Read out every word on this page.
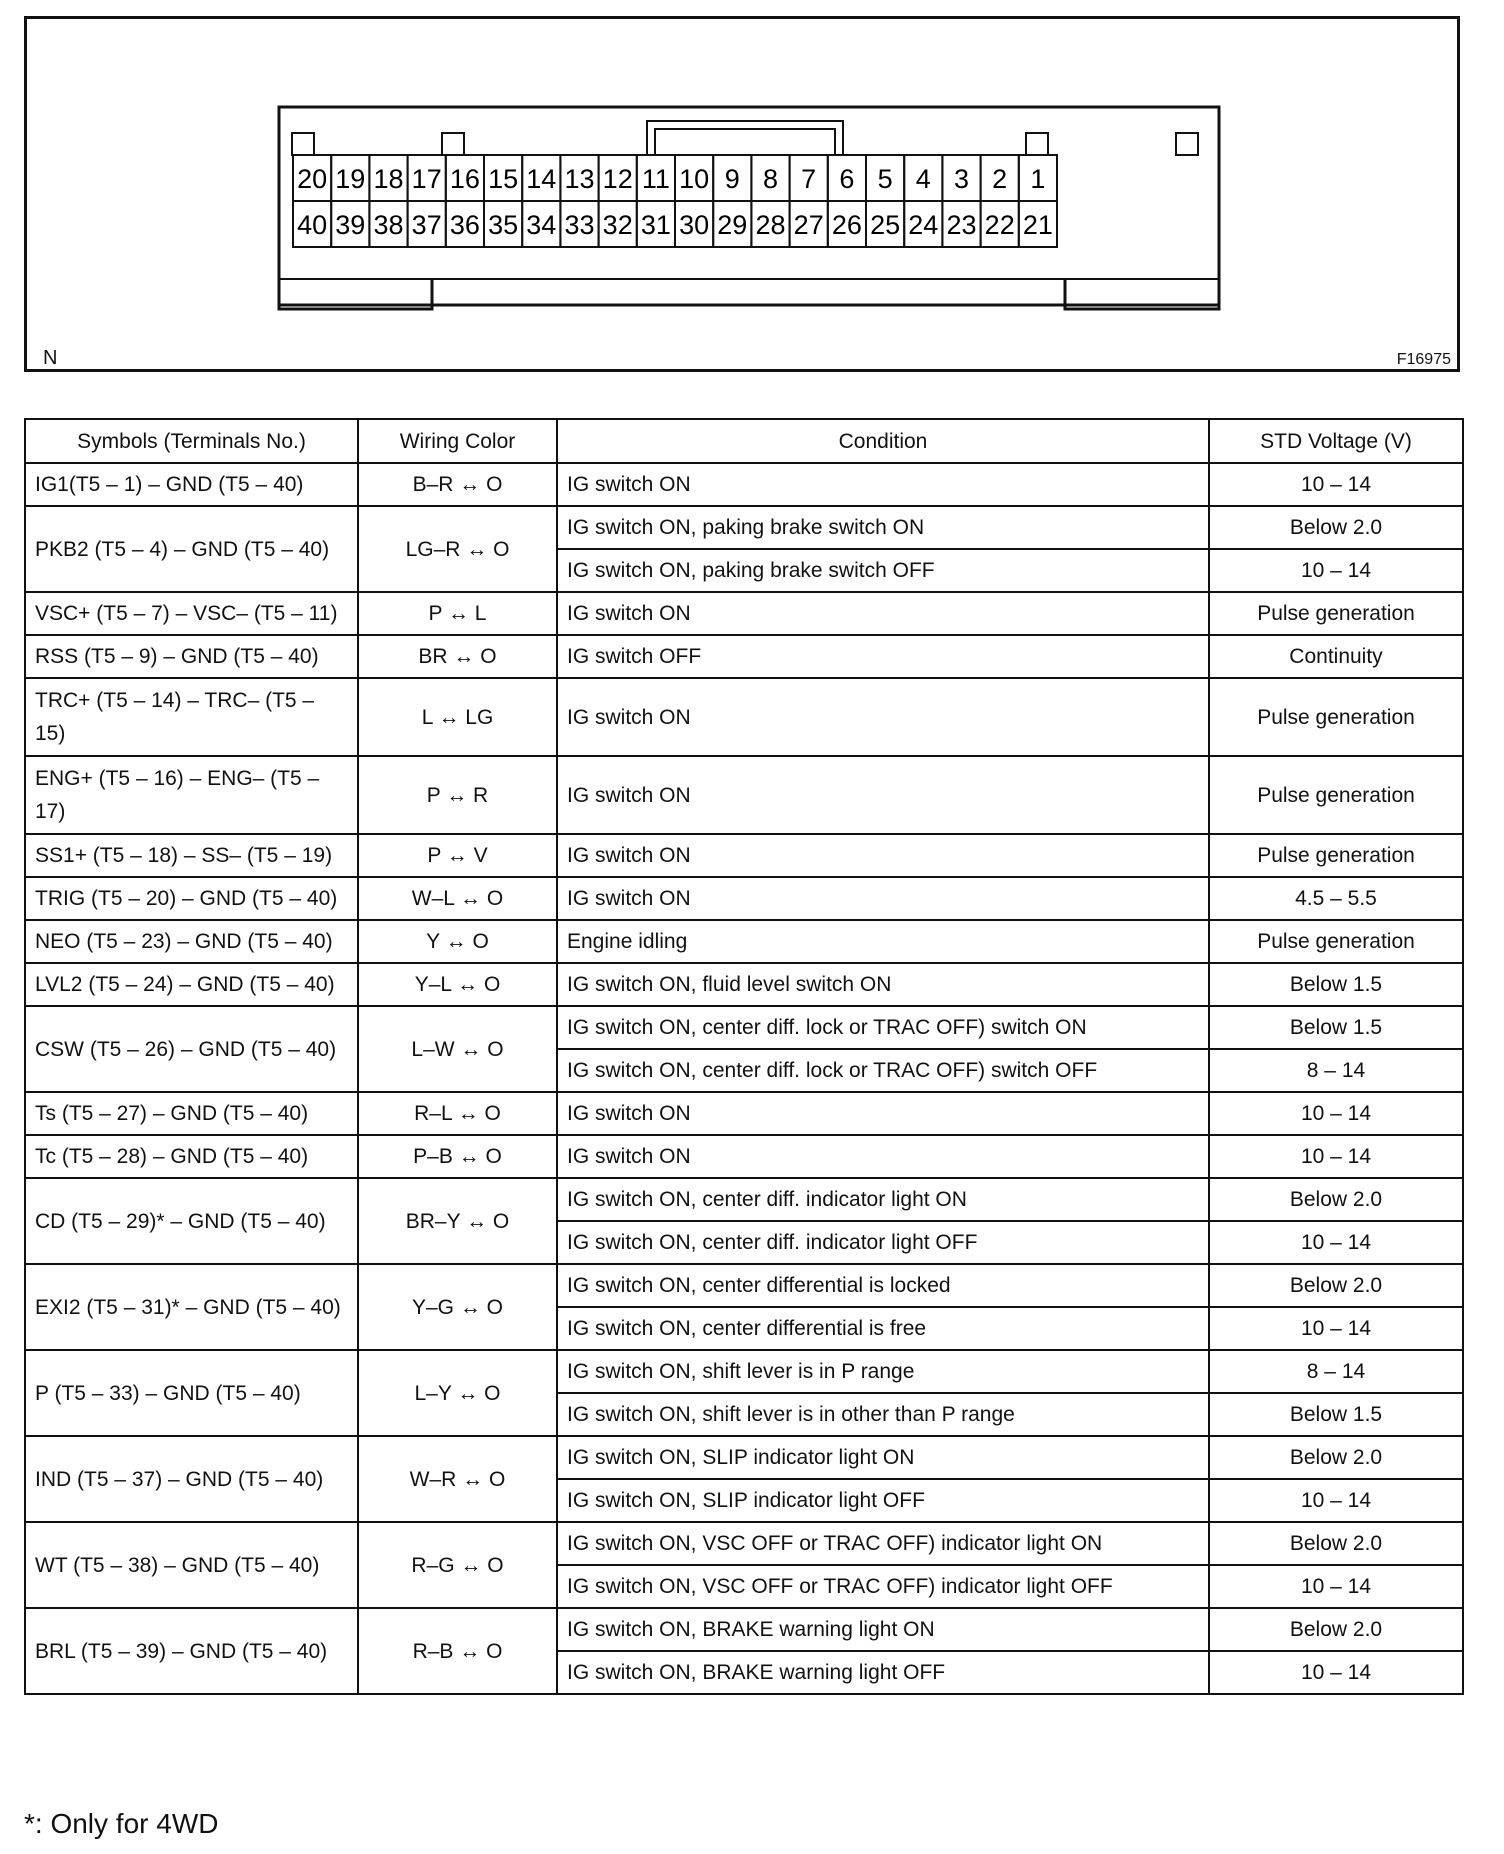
20 19 18 17 16 15 14 13 12 11 10 9 8 7 6 5 4 3 2 1
40 39 38 37 36 35 34 33 32 31 30 29 28 27 26 25 24 23 22 21
N	F16975
Symbols (Terminals No.)	Wiring Color	Condition	STD Voltage (V)
IG1(T5 – 1) – GND (T5 – 40)	B–R ↔ O	IG switch ON	10 – 14
PKB2 (T5 – 4) – GND (T5 – 40)	LG–R ↔ O	IG switch ON, paking brake switch ON	Below 2.0
		IG switch ON, paking brake switch OFF	10 – 14
VSC+ (T5 – 7) – VSC– (T5 – 11)	P ↔ L	IG switch ON	Pulse generation
RSS (T5 – 9) – GND (T5 – 40)	BR ↔ O	IG switch OFF	Continuity
TRC+ (T5 – 14) – TRC– (T5 – 15)	L ↔ LG	IG switch ON	Pulse generation
ENG+ (T5 – 16) – ENG– (T5 – 17)	P ↔ R	IG switch ON	Pulse generation
SS1+ (T5 – 18) – SS– (T5 – 19)	P ↔ V	IG switch ON	Pulse generation
TRIG (T5 – 20) – GND (T5 – 40)	W–L ↔ O	IG switch ON	4.5 – 5.5
NEO (T5 – 23) – GND (T5 – 40)	Y ↔ O	Engine idling	Pulse generation
LVL2 (T5 – 24) – GND (T5 – 40)	Y–L ↔ O	IG switch ON, fluid level switch ON	Below 1.5
CSW (T5 – 26) – GND (T5 – 40)	L–W ↔ O	IG switch ON, center diff. lock or TRAC OFF) switch ON	Below 1.5
		IG switch ON, center diff. lock or TRAC OFF) switch OFF	8 – 14
Ts (T5 – 27) – GND (T5 – 40)	R–L ↔ O	IG switch ON	10 – 14
Tc (T5 – 28) – GND (T5 – 40)	P–B ↔ O	IG switch ON	10 – 14
CD (T5 – 29)* – GND (T5 – 40)	BR–Y ↔ O	IG switch ON, center diff. indicator light ON	Below 2.0
		IG switch ON, center diff. indicator light OFF	10 – 14
EXI2 (T5 – 31)* – GND (T5 – 40)	Y–G ↔ O	IG switch ON, center differential is locked	Below 2.0
		IG switch ON, center differential is free	10 – 14
P (T5 – 33) – GND (T5 – 40)	L–Y ↔ O	IG switch ON, shift lever is in P range	8 – 14
		IG switch ON, shift lever is in other than P range	Below 1.5
IND (T5 – 37) – GND (T5 – 40)	W–R ↔ O	IG switch ON, SLIP indicator light ON	Below 2.0
		IG switch ON, SLIP indicator light OFF	10 – 14
WT (T5 – 38) – GND (T5 – 40)	R–G ↔ O	IG switch ON, VSC OFF or TRAC OFF) indicator light ON	Below 2.0
		IG switch ON, VSC OFF or TRAC OFF) indicator light OFF	10 – 14
BRL (T5 – 39) – GND (T5 – 40)	R–B ↔ O	IG switch ON, BRAKE warning light ON	Below 2.0
		IG switch ON, BRAKE warning light OFF	10 – 14
*: Only for 4WD
